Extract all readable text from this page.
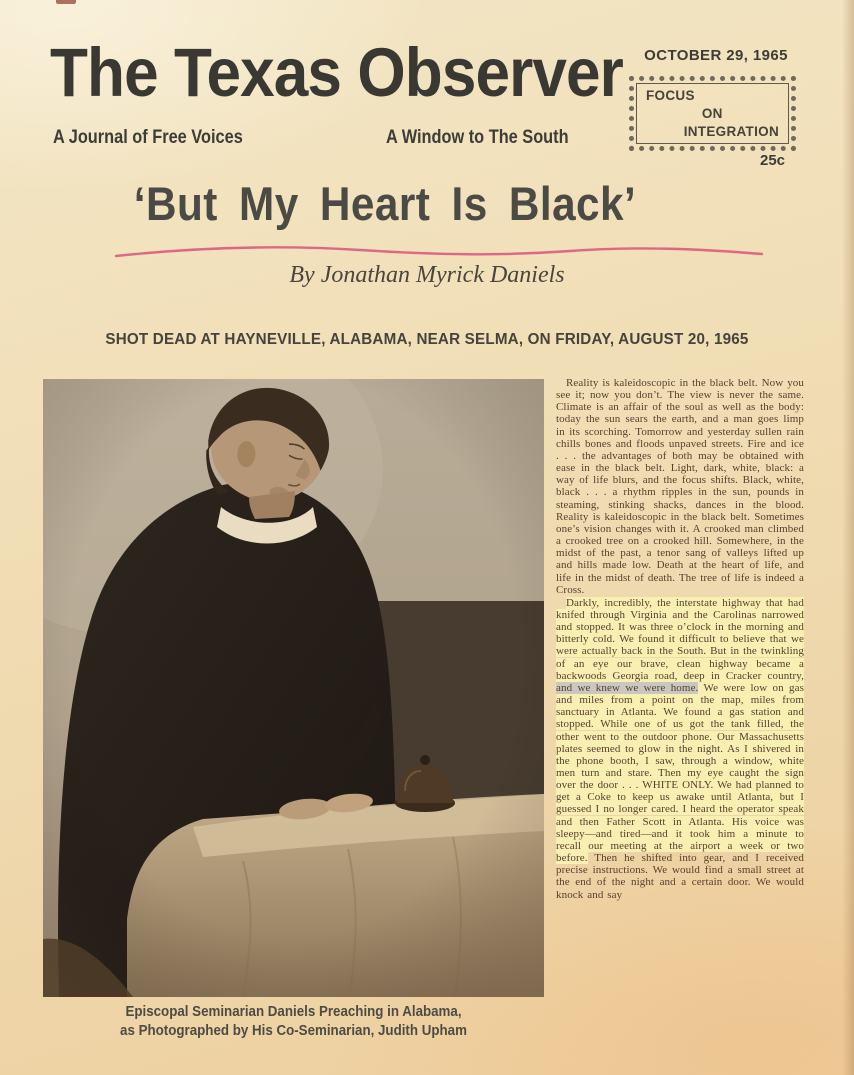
OCTOBER 29, 1965
The Texas Observer FOCUS
ON
INTEGRATION
A Journal of Free Voices	A Window to The South
25c
‘But My Heart Is Black’
By Jonathan Myrick Daniels
SHOT DEAD AT HAYNEVILLE, ALABAMA, NEAR SELMA, ON FRIDAY, AUGUST 20, 1965
Episcopal Seminarian Daniels Preaching in Alabama,
as Photographed by His Co-Seminarian, Judith Upham

Reality is kaleidoscopic in the black belt. Now you see it; now you don’t. The view is never the same. Climate is an affair of the soul as well as the body: today the sun sears the earth, and a man goes limp in its scorching. Tomorrow and yesterday sullen rain chills bones and floods unpaved streets. Fire and ice . . . the advantages of both may be obtained with ease in the black belt. Light, dark, white, black: a way of life blurs, and the focus shifts. Black, white, black . . . a rhythm ripples in the sun, pounds in steaming, stinking shacks, dances in the blood. Reality is kaleidoscopic in the black belt. Sometimes one’s vision changes with it. A crooked man climbed a crooked tree on a crooked hill. Somewhere, in the midst of the past, a tenor sang of valleys lifted up and hills made low. Death at the heart of life, and life in the midst of death. The tree of life is indeed a Cross.

Darkly, incredibly, the interstate highway that had knifed through Virginia and the Carolinas narrowed and stopped. It was three o’clock in the morning and bitterly cold. We found it difficult to believe that we were actually back in the South. But in the twinkling of an eye our brave, clean highway became a backwoods Georgia road, deep in Cracker country, and we knew we were home. We were low on gas and miles from a point on the map, miles from sanctuary in Atlanta. We found a gas station and stopped. While one of us got the tank filled, the other went to the outdoor phone. Our Massachusetts plates seemed to glow in the night. As I shivered in the phone booth, I saw, through a window, white men turn and stare. Then my eye caught the sign over the door . . . WHITE ONLY. We had planned to get a Coke to keep us awake until Atlanta, but I guessed I no longer cared. I heard the operator speak and then Father Scott in Atlanta. His voice was sleepy—and tired—and it took him a minute to recall our meeting at the airport a week or two before. Then he shifted into gear, and I received precise instructions. We would find a small street at the end of the night and a certain door. We would knock and say
